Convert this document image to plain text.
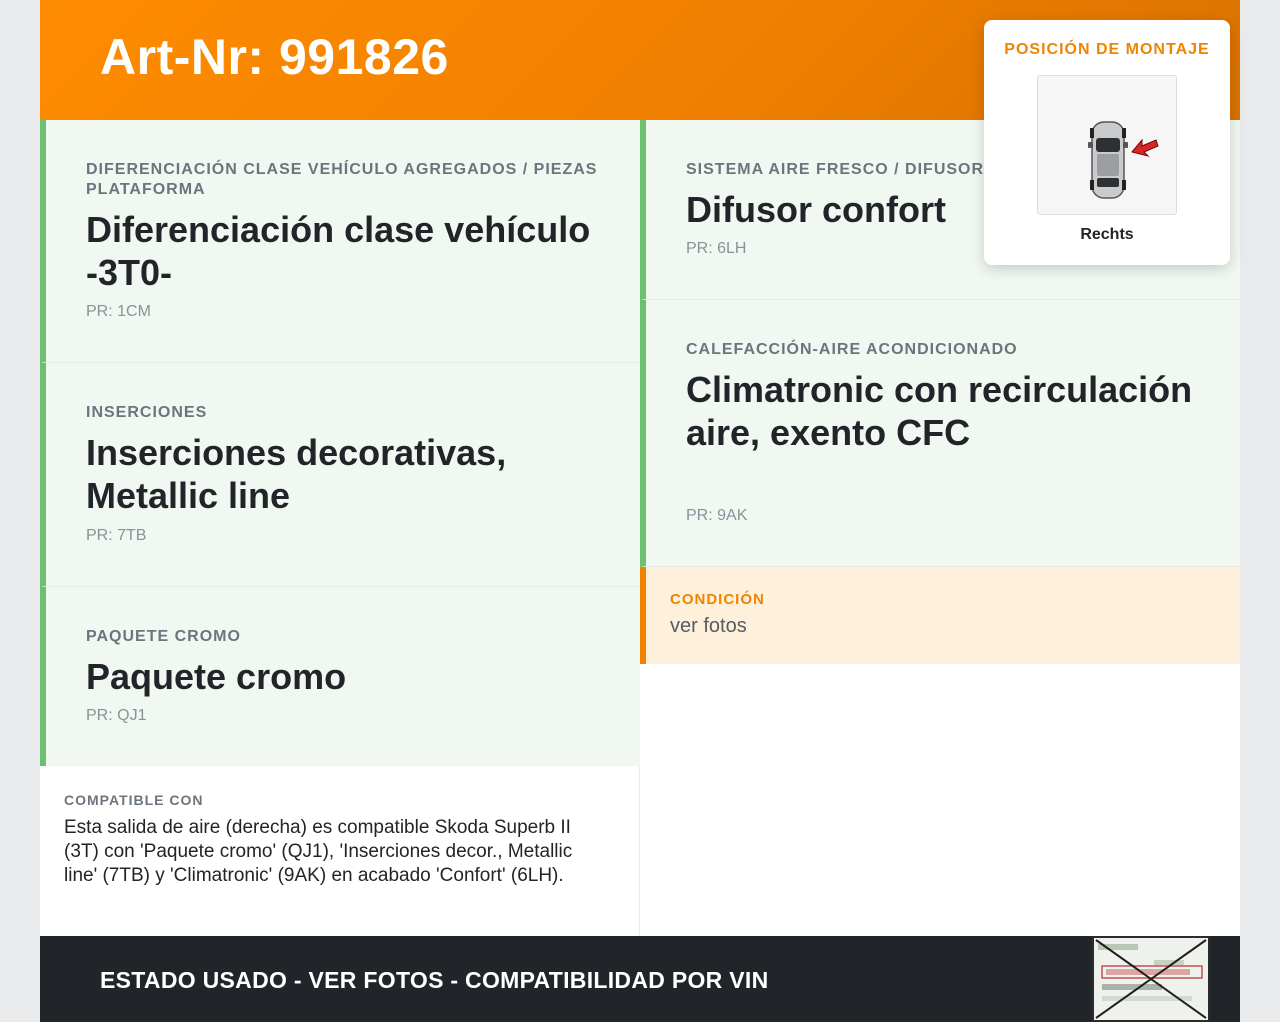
Art-Nr: 991826
DIFERENCIACIÓN CLASE VEHÍCULO AGREGADOS / PIEZAS PLATAFORMA
Diferenciación clase vehículo -3T0-
PR: 1CM
INSERCIONES
Inserciones decorativas, Metallic line
PR: 7TB
PAQUETE CROMO
Paquete cromo
PR: QJ1
SISTEMA AIRE FRESCO / DIFUSOR
Difusor confort
PR: 6LH
CALEFACCIÓN-AIRE ACONDICIONADO
Climatronic con recirculación aire, exento CFC
PR: 9AK
CONDICIÓN
ver fotos
COMPATIBLE CON
Esta salida de aire (derecha) es compatible Skoda Superb II (3T) con 'Paquete cromo' (QJ1), 'Inserciones decor., Metallic line' (7TB) y 'Climatronic' (9AK) en acabado 'Confort' (6LH).
ESTADO USADO - VER FOTOS - COMPATIBILIDAD POR VIN
POSICIÓN DE MONTAJE
Rechts
